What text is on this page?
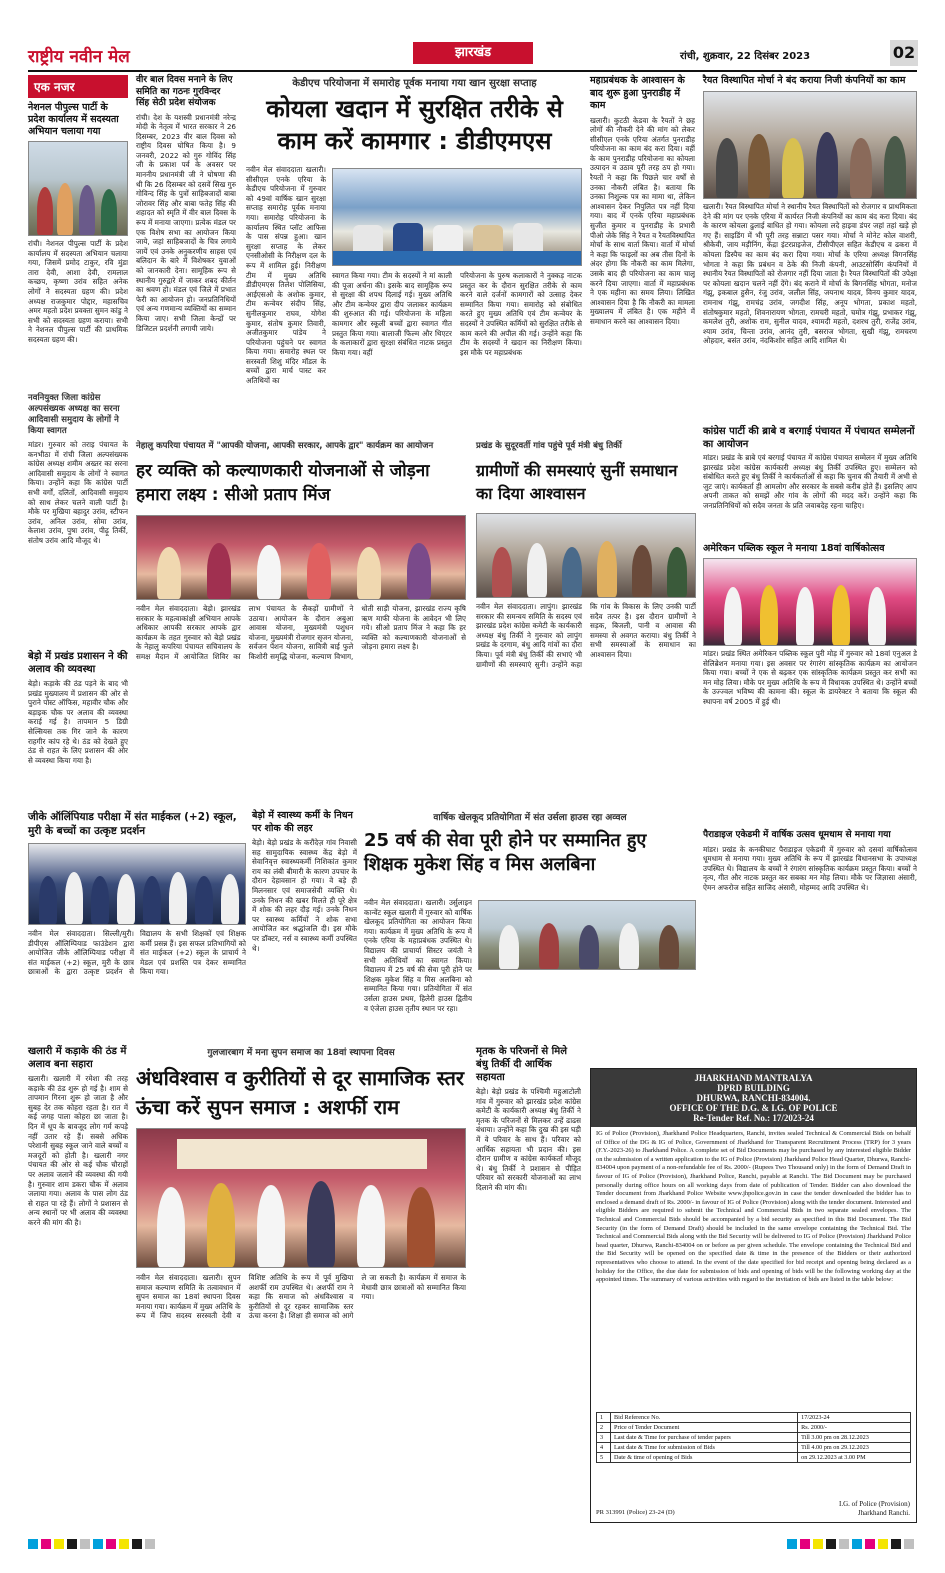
राष्ट्रीय नवीन मेल	झारखंड	रांची, शुक्रवार, 22 दिसंबर 2023	02
एक नजर
नेशनल पीपुल्स पार्टी के प्रदेश कार्यालय में सदस्यता अभियान चलाया गया
रांची। नेशनल पीपुल्स पार्टी के प्रदेश कार्यालय में सदस्यता अभियान चलाया गया, जिसमें प्रमोद टाकुर, रवि मुंडा तारा देवी, आशा देवी, रामलाल कच्छप, कृष्णा उरांव सहित अनेक लोगों ने सदस्यता ग्रहण की। प्रदेश अध्यक्ष राजकुमार पोद्दार, महासचिव अमर महतो प्रदेश प्रवक्ता सुमन कांडु ने सभी को सदस्यता ग्रहण कराया। सभी ने नेशनल पीपुल्स पार्टी की प्राथमिक सदस्यता ग्रहण की।
नवनियुक्त जिला कांग्रेस अल्पसंख्यक अध्यक्ष का सरना आदिवासी समुदाय के लोगों ने किया स्वागत
मांडर। गुरुवार को तराइ पंचायत के कनभीठा में रांची जिला अल्पसंख्यक कांग्रेस अध्यक्ष शमीम अख्तर का सरना आदिवासी समुदाय के लोगों ने स्वागत किया। उन्होंने कहा कि कांग्रेस पार्टी सभी वर्गों, दलितों, आदिवासी समुदाय को साथ लेकर चलने वाली पार्टी है। मौके पर मुखिया बहादुर उरांव, स्टीफन उरांव, अनिल उरांव, सोमा उरांव, केलाश उरांव, पुषा उरांव, पीढ़ू तिर्की, संतोष उरांव आदि मौजूद थे।
बेड़ो में प्रखंड प्रशासन ने की अलाव की व्यवस्था
बेड़ो। कड़ाके की ठंड पड़ने के बाद भी प्रखंड मुख्यालय में प्रशासन की ओर से पुराने पोस्ट ऑफिस, महावीर चौक और बड़ाइक चौक पर अलाव की व्यवस्था कराई गई है। तापमान 5 डिग्री सेल्सियस तक गिर जाने के कारण राहगीर कांप रहे थे। ठंड को देखते हुए ठंड से राहत के लिए प्रशासन की ओर से व्यवस्था किया गया है।
वीर बाल दिवस मनाने के लिए समिति का गठनः गुरविन्दर सिंह सेठी प्रदेश संयोजक
रांची। देश के यशस्वी प्रधानमंत्री नरेन्द्र मोदी के नेतृत्व में भारत सरकार ने 26 दिसम्बर, 2023 वीर बाल दिवस को राष्ट्रीय दिवस घोषित किया है। 9 जनवरी, 2022 को गुरु गोविंद सिंह जी के प्रकाश पर्व के अवसर पर माननीय प्रधानमंत्री जी ने घोषणा की थी कि 26 दिसम्बर को दसवें सिख गुरु गोविन्द सिंह के पुत्रों साहिबजादों बाबा जोरावर सिंह और बाबा फतेह सिंह की शहादत को स्मृति में वीर बाल दिवस के रूप में मनाया जाएगा। प्रत्येक मंडल पर एक विशेष सभा का आयोजन किया जाये, जहां साहिबजादों के चित्र लगाये जायें एवं उनके अनुकरणीय साहस एवं बलिदान के बारे में विशेषकर युवाओं को जानकारी देना। सामूहिक रूप से स्थानीय गुरुद्वारे में जाकर शबद कीर्तन का श्रवण हो। मंडल एवं जिले में प्रभात फेरी का आयोजन हो। जनप्रतिनिधियों एवं अन्य गणमान्य व्यक्तियों का सम्मान किया जाए। सभी जिला केन्द्रों पर डिजिटल प्रदर्शनी लगायी जाये।
केडीएच परियोजना में समारोह पूर्वक मनाया गया खान सुरक्षा सप्ताह
कोयला खदान में सुरक्षित तरीके से काम करें कामगार : डीडीएमएस
नवीन मेल संवाददाता खलारी। सीसीएल एनके एरिया के केडीएच परियोजना में गुरुवार को 49वां वार्षिक खान सुरक्षा सप्ताह समारोह पूर्वक मनाया गया। समारोह परियोजना के कार्यालय स्थित प्लॉट आफिस के पास संपन्न हुआ। खान सुरक्षा सप्ताह के लेकर एनसीओसी के निरीक्षण दल के रूप में शामिल हुई। निरीक्षण टीम में मुख्य अतिथि डीडीएमएस तिलेश पोलिसिया, आईएसओ के अशोक कुमार, टीम कन्वेयर संदीप सिंह, सुनीलकुमार राघव, योगेश कुमार, संतोष कुमार तिवारी, अजीतकुमार पांडेय ने परियोजना पहुंचने पर स्वागत किया गया। समारोह स्थल पर सरस्वती शिशु मंदिर मॉडल के बच्चों द्वारा मार्च पास्ट कर अतिथियों का
स्वागत किया गया। टीम के सदस्यों ने मां काली की पूजा अर्चना की। इसके बाद सामूहिक रूप से सुरक्षा की शपथ दिलाई गई। मुख्य अतिथि और टीम कन्वेयर द्वारा दीप जलाकर कार्यक्रम की शुरुआत की गई। परियोजना के महिला कामगार और स्कूली बच्चों द्वारा स्वागत गीत प्रस्तुत किया गया। बालाजी फिल्म और थिएटर के कलाकारों द्वारा सुरक्षा संबंधित नाटक प्रस्तुत किया गया। वहीं
परियोजना के पुरुष कलाकारों ने नुक्कड़ नाटक प्रस्तुत कर के दौरान सुरक्षित तरीके से काम करने वाले दर्जनों कामगारों को उत्साह देकर सम्मानित किया गया। समारोह को संबोधित करते हुए मुख्य अतिथि एवं टीम कन्वेयर के सदस्यों ने उपस्थित कर्मियों को सुरक्षित तरीके से काम करने की अपील की गई। उन्होंने कहा कि टीम के सदस्यों ने खदान का निरीक्षण किया। इस मौके पर महाप्रबंधक
महाप्रबंधक के आश्वासन के बाद शुरू हुआ पुनराडीह में काम
खलारी। कुटठी केडवा के रैयतों ने छह लोगों की नौकरी देने की मांग को लेकर सीसीएल एनके एरिया अंतर्गत पुनराडीह परियोजना का काम बंद करा दिया। वहीं के काम पुनराडीह परियोजना का कोयला उत्पादन व उठाव पूरी तरह ठप हो गया। रैयतों ने कहा कि पिछले चार वर्षों से उनका नौकरी लंबित है। बताया कि उनका निशुल्क पत्र का मामा था, लेकिन आश्वासन देकर निपुलित पत्र नहीं दिया गया। बाद में एनके एरिया महाप्रबंधक सुजीत कुमार व पुनराडीह के प्रभारी पीओ जेके सिंह ने रैयत व रैयतविस्थापित मोर्चा के साथ वार्ता किया। वार्ता में मोर्चा ने कहा कि फाइलों का अब तीस दिनों के अंदर होगा कि नौकरी का काम मिलेगा, उसके बाद ही परियोजना का काम चालू करने दिया जाएगा। वार्ता में महाप्रबंधक ने एक महीना का समय लिया। लिखित आश्वासन दिया है कि नौकरी का मामला मुख्यालय में लंबित है। एक महीने में समाधान करने का आश्वासन दिया।
रैयत विस्थापित मोर्चा ने बंद कराया निजी कंपनियों का काम
खलारी। रैयत विस्थापित मोर्चा ने स्थानीय रैयत विस्थापितों को रोजगार व प्राथमिकता देने की मांग पर एनके एरिया में कार्यरत निजी कंपनियों का काम बंद करा दिया। बंद के कारण कोयला ढुलाई बाधित हो गया। कोयला लदे हाइवा डंपर जहां तहां खड़े हो गए हैं। साइडिंग में भी पूरी तरह सन्नाटा पसर गया। मोर्चा ने मोनेट कोल वाशरी, श्रीकेवी, जाय मड़ीनिंग, केंद्रा इंटरप्राइजेज, टीसीपीएल सहित केडीएच व ढकरा में कोयला डिस्पैच का काम बंद करा दिया गया। मोर्चा के एरिया अध्यक्ष विगनसिंह भोगता ने कहा कि प्रबंधन व ठेके की निजी कंपनी, आउटसोर्सिंग कंपनियों में स्थानीय रैयत विस्थापितों को रोजगार नहीं दिया जाता है। रैयत विस्थापितों की उपेक्षा पर कोयला खदान चलने नहीं देंगे। बंद कराने में मोर्चा के बिगनसिंह भोगता, मनोज गंझू, इकबाल हुसैन, रंजु उरांव, जलील सिंह, जयनाथ यादव, विनय कुमार यादव, रामनाथ गंझू, रामचंद्र उरांव, जगदीश सिंह, अनूप भोगता, प्रकाश महतो, संतोषकुमार महतो, शिवनारायण भोगता, रामचरी महतो, चमोत्र गंझू, प्रभाकर गंझू, कमलेश तुरी, अशोक राम, सुनील यादव, श्यामदी महतो, दशरथ तुरी, राजेंद्र उरांव, श्याम उरांव, चिन्ता उरांव, आनंद तुरी, बसराज भोगता, सुखी गंझू, रामचरण ओहदार, बसंत उरांव, नंदकिशोर सहित आदि शामिल थे।
कांग्रेस पार्टी की ब्राबे व बरगाई पंचायत में पंचायत सम्मेलनों का आयोजन
मांडर। प्रखंड के ब्राबे एवं बरगाई पंचायत में कांग्रेस पंचायत सम्मेलन में मुख्य अतिथि झारखंड प्रदेश कांग्रेस कार्यकारी अध्यक्ष बंधु तिर्की उपस्थित हुए। सम्मेलन को संबोधित करते हुए बंधु तिर्की ने कार्यकर्ताओं से कहा कि चुनाव की तैयारी में अभी से जुट जाएं। कार्यकर्ता ही आमलोग और सरकार के सबसे करीब होते हैं। इसलिए आप अपनी ताकत को समझें और गांव के लोगों की मदद करें। उन्होंने कहा कि जनप्रतिनिधियों को सदैव जनता के प्रति जवाबदेह रहना चाहिए।
अमेरिकन पब्लिक स्कूल ने मनाया 18वां वार्षिकोत्सव
मांडर। प्रखंड स्थित अमेरिकन पब्लिक स्कूल पुरी मोड़ में गुरुवार को 18वां एनुअल डे सेलिब्रेशन मनाया गया। इस अवसर पर रंगारंग सांस्कृतिक कार्यक्रम का आयोजन किया गया। बच्चों ने एक से बढ़कर एक सांस्कृतिक कार्यक्रम प्रस्तुत कर सभी का मन मोह लिया। मौके पर मुख्य अतिथि के रूप में विधायक उपस्थित थे। उन्होंने बच्चों के उज्ज्वल भविष्य की कामना की। स्कूल के डायरेक्टर ने बताया कि स्कूल की स्थापना वर्ष 2005 में हुई थी।
पैराडाइज एकेडमी में वार्षिक उत्सव धूमधाम से मनाया गया
मांडर। प्रखंड के कनकीघाट पैराडाइज एकेडमी में गुरुवार को दसवां वार्षिकोत्सव धूमधाम से मनाया गया। मुख्य अतिथि के रूप में झारखंड विधानसभा के उपाध्यक्ष उपस्थित थे। विद्यालय के बच्चों ने रंगारंग सांस्कृतिक कार्यक्रम प्रस्तुत किया। बच्चों ने नृत्य, गीत और नाटक प्रस्तुत कर सबका मन मोह लिया। मौके पर जिज्ञासा अंसारी, ऐमन अफरोज सहित साजिद अंसारी, मोहम्मद आदि उपस्थित थे।
नेहालु कपरिया पंचायत में "आपकी योजना, आपकी सरकार, आपके द्वार" कार्यक्रम का आयोजन
हर व्यक्ति को कल्याणकारी योजनाओं से जोड़ना हमारा लक्ष्य : सीओ प्रताप मिंज
नवीन मेल संवाददाता। बेड़ो। झारखंड सरकार के महत्वाकांक्षी अभियान आपके अधिकार आपकी सरकार आपके द्वार कार्यक्रम के तहत गुरुवार को बेड़ो प्रखंड के नेहालु कपरिया पंचायत सचिवालय के समक्ष मैदान में आयोजित शिविर का लाभ पंचायत के सैकड़ों ग्रामीणों ने उठाया। आयोजन के दौरान अबुआ आवास योजना, मुख्यमंत्री पशुधन योजना, मुख्यमंत्री रोजगार सृजन योजना, सर्वजन पेंशन योजना, सावित्री बाई फुले किशोरी समृद्धि योजना, कल्याण विभाग, धोती साड़ी योजना, झारखंड राज्य कृषि ऋण माफी योजना के आवेदन भी लिए गये। सीओ प्रताप मिंज ने कहा कि हर व्यक्ति को कल्याणकारी योजनाओं से जोड़ना हमारा लक्ष्य है।
प्रखंड के सुदूरवर्ती गांव पहुंचे पूर्व मंत्री बंधु तिर्की
ग्रामीणों की समस्याएं सुनीं समाधान का दिया आश्वासन
नवीन मेल संवाददाता। लापुंग। झारखंड सरकार की समन्वय समिति के सदस्य एवं झारखंड प्रदेश कांग्रेस कमेटी के कार्यकारी अध्यक्ष बंधु तिर्की ने गुरुवार को लापुंग प्रखंड के दरगाम, बंधु आदि गांवों का दौरा किया। पूर्व मंत्री बंधु तिर्की की सभाएं भी ग्रामीणों की समस्याएं सुनी। उन्होंने कहा कि गांव के विकास के लिए उनकी पार्टी सदैव तत्पर है। इस दौरान ग्रामीणों ने सड़क, बिजली, पानी व आवास की समस्या से अवगत कराया। बंधु तिर्की ने सभी समस्याओं के समाधान का आश्वासन दिया।
जीके ऑलिंपियाड परीक्षा में संत माईकल (+2) स्कूल, मुरी के बच्चों का उत्कृष्ट प्रदर्शन
नवीन मेल संवाददाता। सिल्ली/मुरी। डीपीएस ऑलिम्पियाड फाउंडेशन द्वारा आयोजित जीके ऑलिम्पियाड परीक्षा में संत माईकल (+2) स्कूल, मुरी के छात्र छात्राओं के द्वारा उत्कृष्ट प्रदर्शन से विद्यालय के सभी शिक्षकों एवं शिक्षक कर्मी प्रसन्न हैं। इस सफल प्रतिभागियों को संत माईकल (+2) स्कूल के प्राचार्य ने मेडल एवं प्रशस्ति पत्र देकर सम्मानित किया गया।
बेड़ो में स्वास्थ्य कर्मी के निधन पर शोक की लहर
बेड़ो। बेड़ो प्रखंड के करौंदेज़ गांव निवासी सह सामुदायिक स्वास्थ्य केंद्र बेड़ो में सेवानिवृत्त स्वास्थ्यकर्मी निशिकांत कुमार राय का लंबी बीमारी के कारण उपचार के दौरान देहावसान हो गया। वे बड़े ही मिलनसार एवं समाजसेवी व्यक्ति थे। उनके निधन की खबर मिलते ही पूरे क्षेत्र में शोक की लहर दौड़ गई। उनके निधन पर स्वास्थ्य कर्मियों ने शोक सभा आयोजित कर श्रद्धांजलि दी। इस मौके पर डॉक्टर, नर्स व स्वास्थ्य कर्मी उपस्थित थे।
वार्षिक खेलकूद प्रतियोगिता में संत उर्सला हाउस रहा अव्वल
25 वर्ष की सेवा पूरी होने पर सम्मानित हुए शिक्षक मुकेश सिंह व मिस अलबिना
नवीन मेल संवाददाता। खलारी। उर्सुलाइन कान्वेंट स्कूल खलारी में गुरुवार को वार्षिक खेलकूद प्रतियोगिता का आयोजन किया गया। कार्यक्रम में मुख्य अतिथि के रूप में एनके एरिया के महाप्रबंधक उपस्थित थे। विद्यालय की प्राचार्या सिस्टर जयंती ने सभी अतिथियों का स्वागत किया। विद्यालय में 25 वर्ष की सेवा पूरी होने पर शिक्षक मुकेश सिंह व मिस अलबिना को सम्मानित किया गया। प्रतियोगिता में संत उर्सला हाउस प्रथम, हिलेरी हाउस द्वितीय व एंजेला हाउस तृतीय स्थान पर रहा।
खलारी में कड़ाके की ठंड में अलाव बना सहारा
खलारी। खलारी में रमेशा की तरह कड़ाके की ठंड शुरू हो गई है। शाम से तापमान गिरना शुरू हो जाता है और सुबह देर तक कोहरा रहता है। रात में कई जगह पाला कोहरा छा जाता है। दिन में धूप के बावजूद लोग गर्म कपड़े नहीं उतार रहे हैं। सबसे अधिक परेशानी सुबह स्कूल जाने वाले बच्चों व मजदूरों को होती है। खलारी नगर पंचायत की ओर से कई चौक चौराहों पर अलाव जलाने की व्यवस्था की गयी है। गुरुवार शाम डकरा चौक में अलाव जलाया गया। अलाव के पास लोग ठंड से राहत पा रहे हैं। लोगों ने प्रशासन से अन्य स्थानों पर भी अलाव की व्यवस्था करने की मांग की है।
गुलजारबाग में मना सुपन समाज का 18वां स्थापना दिवस
अंधविश्वास व कुरीतियों से दूर सामाजिक स्तर ऊंचा करें सुपन समाज : अशर्फी राम
नवीन मेल संवाददाता। खलारी। सुपन समाज कल्याण समिति के तत्वावधान में सुपन समाज का 18वां स्थापना दिवस मनाया गया। कार्यक्रम में मुख्य अतिथि के रूप में जिप सदस्य सरस्वती देवी व विशिष्ट अतिथि के रूप में पूर्व मुखिया अशर्फी राम उपस्थित थे। अशर्फी राम ने कहा कि समाज को अंधविश्वास व कुरीतियों से दूर रहकर सामाजिक स्तर ऊंचा करना है। शिक्षा ही समाज को आगे ले जा सकती है। कार्यक्रम में समाज के मेधावी छात्र छात्राओं को सम्मानित किया गया।
मृतक के परिजनों से मिले बंधु तिर्की दी आर्थिक सहायता
बेड़ो। बेड़ो प्रखंड के पश्चिमी महुआटोली गांव में गुरुवार को झारखंड प्रदेश कांग्रेस कमेटी के कार्यकारी अध्यक्ष बंधु तिर्की ने मृतक के परिजनों से मिलकर उन्हें ढाढस बंधाया। उन्होंने कहा कि दुख की इस घड़ी में वे परिवार के साथ हैं। परिवार को आर्थिक सहायता भी प्रदान की। इस दौरान ग्रामीण व कांग्रेस कार्यकर्ता मौजूद थे। बंधु तिर्की ने प्रशासन से पीड़ित परिवार को सरकारी योजनाओं का लाभ दिलाने की मांग की।
JHARKHAND MANTRALYA
DPRD BUILDING
DHURWA, RANCHI-834004.
OFFICE OF THE D.G. & I.G. OF POLICE
Re-Tender Ref. No.: 17/2023-24
IG of Police (Provision), Jharkhand Police Headquarters, Ranchi, invites sealed Technical & Commercial Bids on behalf of Office of the DG & IG of Police, Government of Jharkhand for Transparent Recruitment Process (TRP) for 3 years (F.Y.-2023-26) to Jharkhand Police. A complete set of Bid Documents may be purchased by any interested eligible Bidder on the submission of a written application to the IG of Police (Provision) Jharkhand Police Head Quarter, Dhurwa, Ranchi-834004 upon payment of a non-refundable fee of Rs. 2000/- (Rupees Two Thousand only) in the form of Demand Draft in favour of IG of Police (Provision), Jharkhand Police, Ranchi, payable at Ranchi. The Bid Document may be purchased personally during office hours on all working days from date of publication of Tender. Bidder can also download the Tender document from Jharkhand Police Website www.jhpolice.gov.in in case the tender downloaded the bidder has to enclosed a demand draft of Rs. 2000/- in favour of IG of Police (Provision) along with the tender document. Interested and eligible Bidders are required to submit the Technical and Commercial Bids in two separate sealed envelopes. The Technical and Commercial Bids should be accompanied by a bid security as specified in this Bid Document. The Bid Security (in the form of Demand Draft) should be included in the same envelope containing the Technical Bid. The Technical and Commercial Bids along with the Bid Security will be delivered to IG of Police (Provision) Jharkhand Police head quarter, Dhurwa, Ranchi-834004 on or before as per given schedule. The envelope containing the Technical Bid and the Bid Security will be opened on the specified date & time in the presence of the Bidders or their authorized representatives who choose to attend. In the event of the date specified for bid receipt and opening being declared as a holiday for the Office, the due date for submission of bids and opening of bids will be the following working day at the appointed times. The summary of various activities with regard to the invitation of bids are listed in the table below:
1	Bid Reference No.	17/2023-24
2	Price of Tender Document	Rs. 2000/-
3	Last date & Time for purchase of tender papers	Till 3.00 pm on 28.12.2023
4	Last date & Time for submission of Bids	Till 4.00 pm on 29.12.2023
5	Date & time of opening of Bids	on 29.12.2023 at 3.00 PM
PR 313991 (Police) 23-24 (D)
I.G. of Police (Provision)
Jharkhand Ranchi.
